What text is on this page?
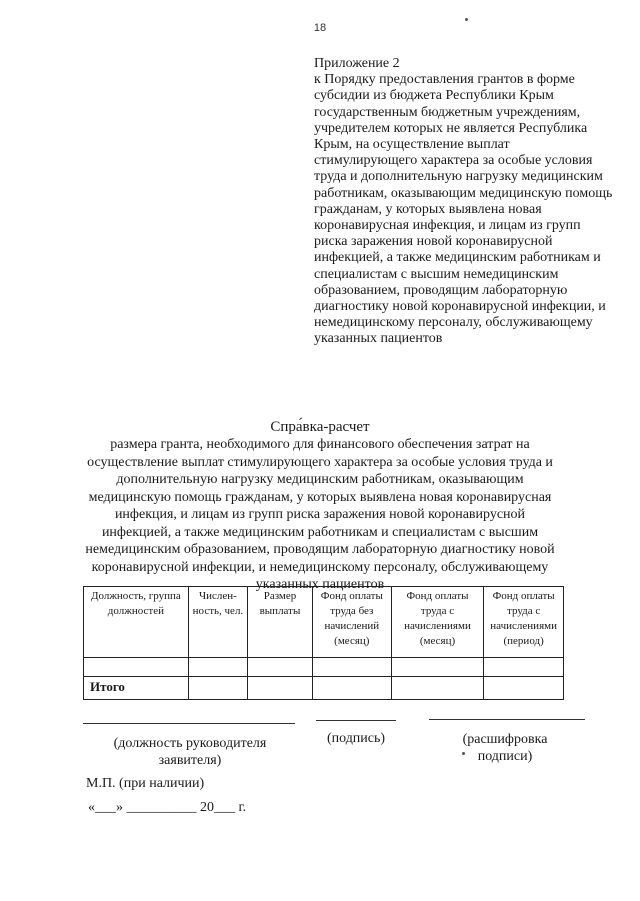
18
Приложение 2
к Порядку предоставления грантов в форме субсидии из бюджета Республики Крым государственным бюджетным учреждениям, учредителем которых не является Республика Крым, на осуществление выплат стимулирующего характера за особые условия труда и дополнительную нагрузку медицинским работникам, оказывающим медицинскую помощь гражданам, у которых выявлена новая коронавирусная инфекция, и лицам из групп риска заражения новой коронавирусной инфекцией, а также медицинским работникам и специалистам с высшим немедицинским образованием, проводящим лабораторную диагностику новой коронавирусной инфекции, и немедицинскому персоналу, обслуживающему указанных пациентов
Спра́вка-расчет
размера гранта, необходимого для финансового обеспечения затрат на осуществление выплат стимулирующего характера за особые условия труда и дополнительную нагрузку медицинским работникам, оказывающим медицинскую помощь гражданам, у которых выявлена новая коронавирусная инфекция, и лицам из групп риска заражения новой коронавирусной инфекцией, а также медицинским работникам и специалистам с высшим немедицинским образованием, проводящим лабораторную диагностику новой коронавирусной инфекции, и немедицинскому персоналу, обслуживающему указанных пациентов
Должность, группа должностей	Числен-ность, чел.	Размер выплаты	Фонд оплаты труда без начислений (месяц)	Фонд оплаты труда с начислениями (месяц)	Фонд оплаты труда с начислениями (период)

Итого					
(должность руководителя заявителя)
(подпись)	(расшифровка подписи)
М.П. (при наличии)
«___» __________ 20___ г.
